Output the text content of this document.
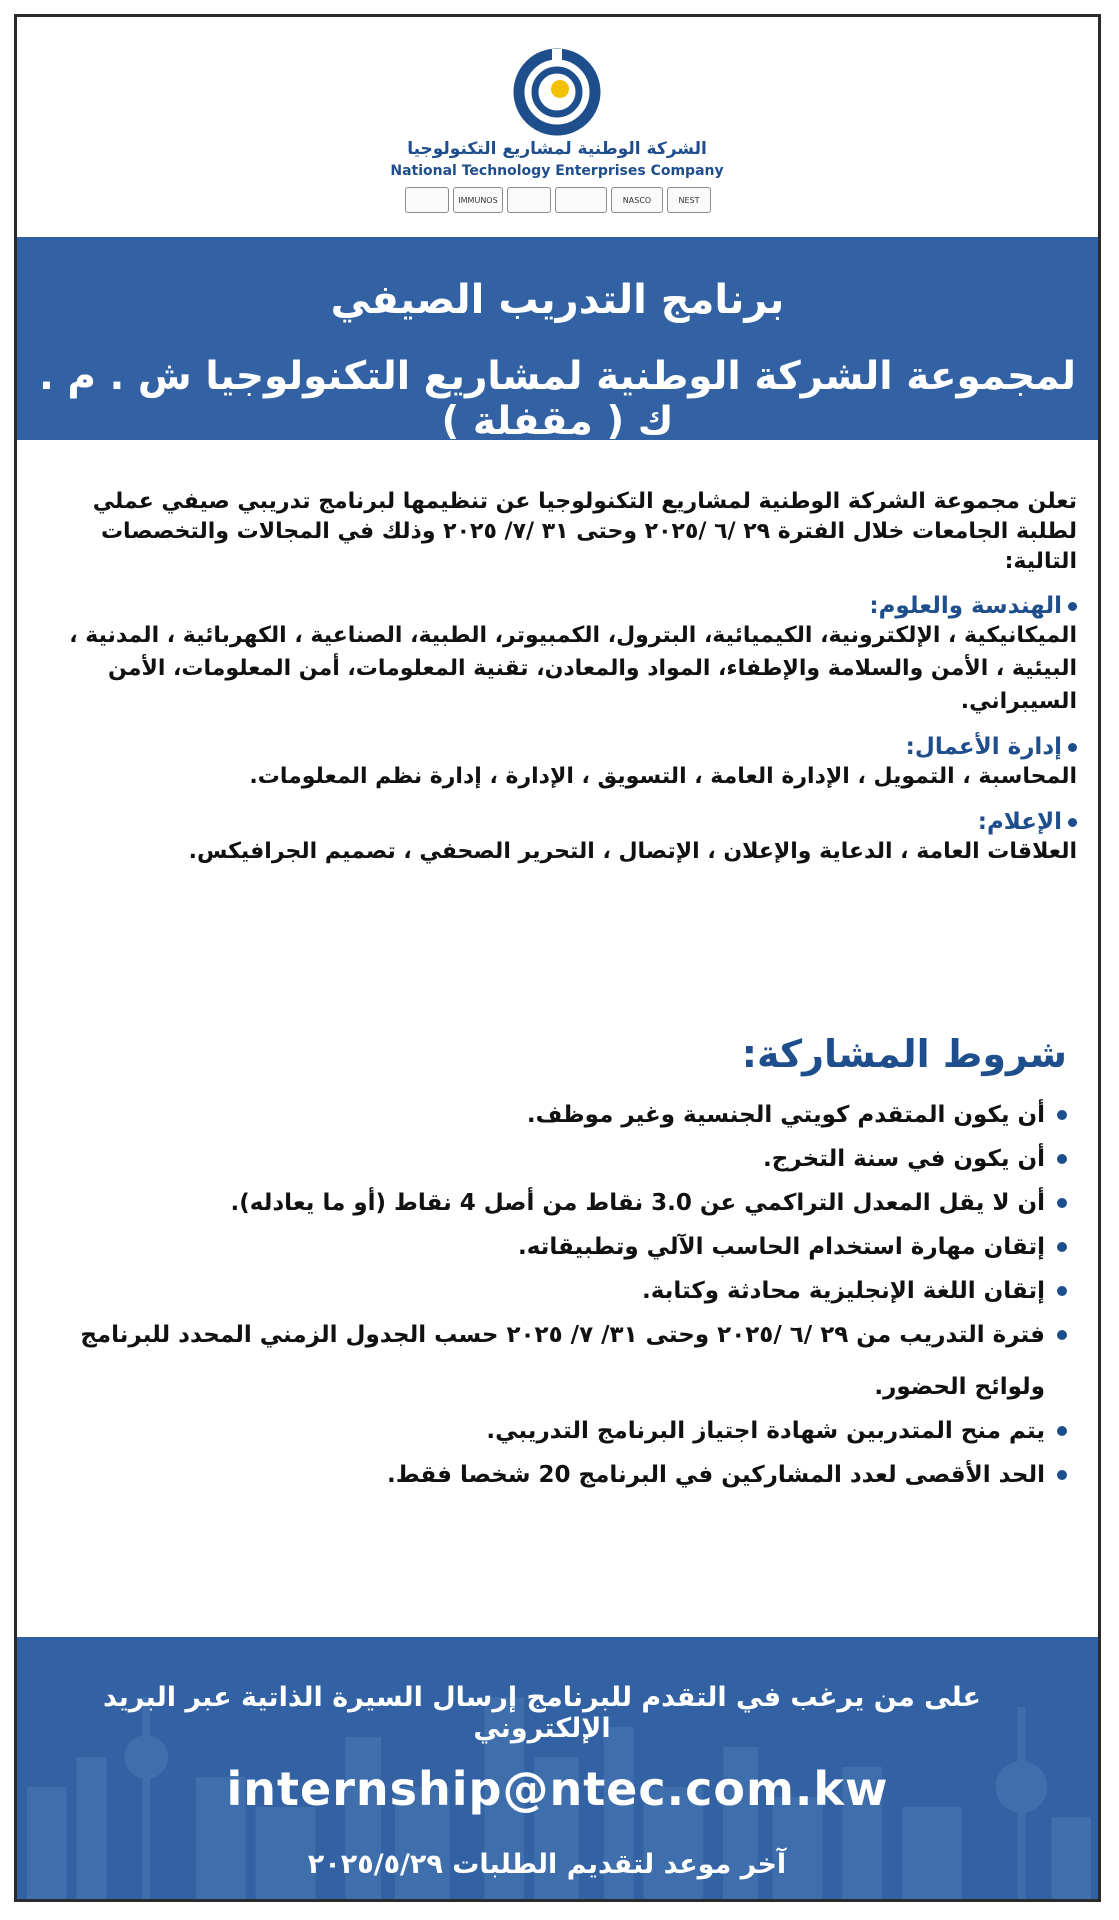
الشركة الوطنية لمشاريع التكنولوجيا
National Technology Enterprises Company
IMMUNOS	NASCO	NEST
برنامج التدريب الصيفي
لمجموعة الشركة الوطنية لمشاريع التكنولوجيا ش . م . ك ( مقفلة )
تعلن مجموعة الشركة الوطنية لمشاريع التكنولوجيا عن تنظيمها لبرنامج تدريبي صيفي عملي لطلبة الجامعات خلال الفترة ٢٩ /٦ /٢٠٢٥ وحتى ٣١ /٧/ ٢٠٢٥ وذلك في المجالات والتخصصات التالية:
الهندسة والعلوم:
الميكانيكية ، الإلكترونية، الكيميائية، البترول، الكمبيوتر، الطبية، الصناعية ، الكهربائية ، المدنية ، البيئية ، الأمن والسلامة والإطفاء، المواد والمعادن، تقنية المعلومات، أمن المعلومات، الأمن السيبراني.
إدارة الأعمال:
المحاسبة ، التمويل ، الإدارة العامة ، التسويق ، الإدارة ، إدارة نظم المعلومات.
الإعلام:
العلاقات العامة ، الدعاية والإعلان ، الإتصال ، التحرير الصحفي ، تصميم الجرافيكس.
شروط المشاركة:
أن يكون المتقدم كويتي الجنسية وغير موظف.
أن يكون في سنة التخرج.
أن لا يقل المعدل التراكمي عن 3.0 نقاط من أصل 4 نقاط (أو ما يعادله).
إتقان مهارة استخدام الحاسب الآلي وتطبيقاته.
إتقان اللغة الإنجليزية محادثة وكتابة.
فترة التدريب من ٢٩ /٦ /٢٠٢٥ وحتى ٣١/ ٧/ ٢٠٢٥ حسب الجدول الزمني المحدد للبرنامج ولوائح الحضور.
يتم منح المتدربين شهادة اجتياز البرنامج التدريبي.
الحد الأقصى لعدد المشاركين في البرنامج 20 شخصا فقط.
على من يرغب في التقدم للبرنامج إرسال السيرة الذاتية عبر البريد الإلكتروني
internship@ntec.com.kw
آخر موعد لتقديم الطلبات ٢٠٢٥/٥/٢٩
